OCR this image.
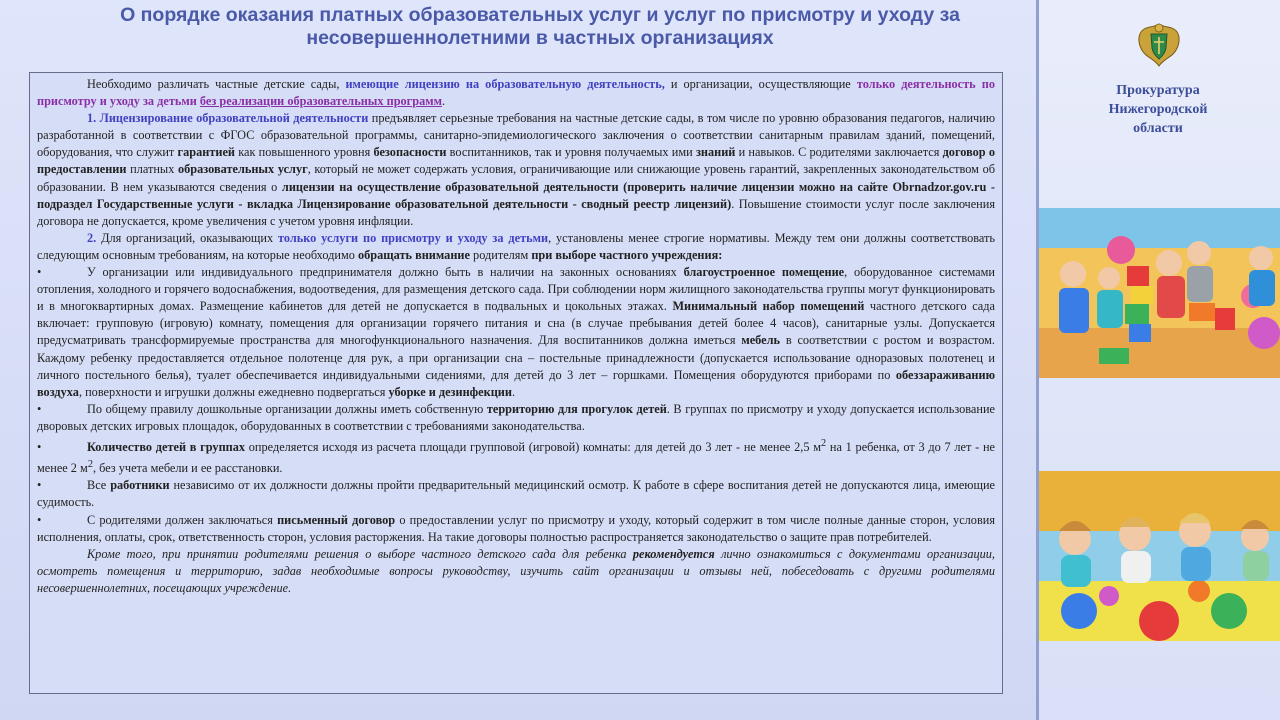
О порядке оказания платных образовательных услуг и услуг по присмотру и уходу за
несовершеннолетними в частных организациях

Необходимо различать частные детские сады, имеющие лицензию на образовательную деятельность, и организации, осуществляющие только деятельность по присмотру и уходу за детьми без реализации образовательных программ.

1. Лицензирование образовательной деятельности предъявляет серьезные требования на частные детские сады, в том числе по уровню образования педагогов, наличию разработанной в соответствии с ФГОС образовательной программы, санитарно-эпидемиологического заключения о соответствии санитарным правилам зданий, помещений, оборудования, что служит гарантией как повышенного уровня безопасности воспитанников, так и уровня получаемых ими знаний и навыков. С родителями заключается договор о предоставлении платных образовательных услуг, который не может содержать условия, ограничивающие или снижающие уровень гарантий, закрепленных законодательством об образовании. В нем указываются сведения о лицензии на осуществление образовательной деятельности (проверить наличие лицензии можно на сайте Obrnadzor.gov.ru - подраздел Государственные услуги - вкладка Лицензирование образовательной деятельности - сводный реестр лицензий). Повышение стоимости услуг после заключения договора не допускается, кроме увеличения с учетом уровня инфляции.

2. Для организаций, оказывающих только услуги по присмотру и уходу за детьми, установлены менее строгие нормативы. Между тем они должны соответствовать следующим основным требованиям, на которые необходимо обращать внимание родителям при выборе частного учреждения:

•	У организации или индивидуального предпринимателя должно быть в наличии на законных основаниях благоустроенное помещение, оборудованное системами отопления, холодного и горячего водоснабжения, водоотведения, для размещения детского сада. При соблюдении норм жилищного законодательства группы могут функционировать и в многоквартирных домах. Размещение кабинетов для детей не допускается в подвальных и цокольных этажах. Минимальный набор помещений частного детского сада включает: групповую (игровую) комнату, помещения для организации горячего питания и сна (в случае пребывания детей более 4 часов), санитарные узлы. Допускается предусматривать трансформируемые пространства для многофункционального назначения. Для воспитанников должна иметься мебель в соответствии с ростом и возрастом. Каждому ребенку предоставляется отдельное полотенце для рук, а при организации сна – постельные принадлежности (допускается использование одноразовых полотенец и личного постельного белья), туалет обеспечивается индивидуальными сидениями, для детей до 3 лет – горшками. Помещения оборудуются приборами по обеззараживанию воздуха, поверхности и игрушки должны ежедневно подвергаться уборке и дезинфекции.

•	По общему правилу дошкольные организации должны иметь собственную территорию для прогулок детей. В группах по присмотру и уходу допускается использование дворовых детских игровых площадок, оборудованных в соответствии с требованиями законодательства.

•	Количество детей в группах определяется исходя из расчета площади групповой (игровой) комнаты: для детей до 3 лет - не менее 2,5 $м^2$ на 1 ребенка, от 3 до 7 лет - не менее 2 $м^2$, без учета мебели и ее расстановки.

•	Все работники независимо от их должности должны пройти предварительный медицинский осмотр. К работе в сфере воспитания детей не допускаются лица, имеющие судимость.

•	С родителями должен заключаться письменный договор о предоставлении услуг по присмотру и уходу, который содержит в том числе полные данные сторон, условия исполнения, оплаты, срок, ответственность сторон, условия расторжения. На такие договоры полностью распространяется законодательство о защите прав потребителей.

Кроме того, при принятии родителями решения о выборе частного детского сада для ребенка рекомендуется лично ознакомиться с документами организации, осмотреть помещения и территорию, задав необходимые вопросы руководству, изучить сайт организации и отзывы ней, побеседовать с другими родителями несовершеннолетних, посещающих учреждение.

Прокуратура
Нижегородской
области
